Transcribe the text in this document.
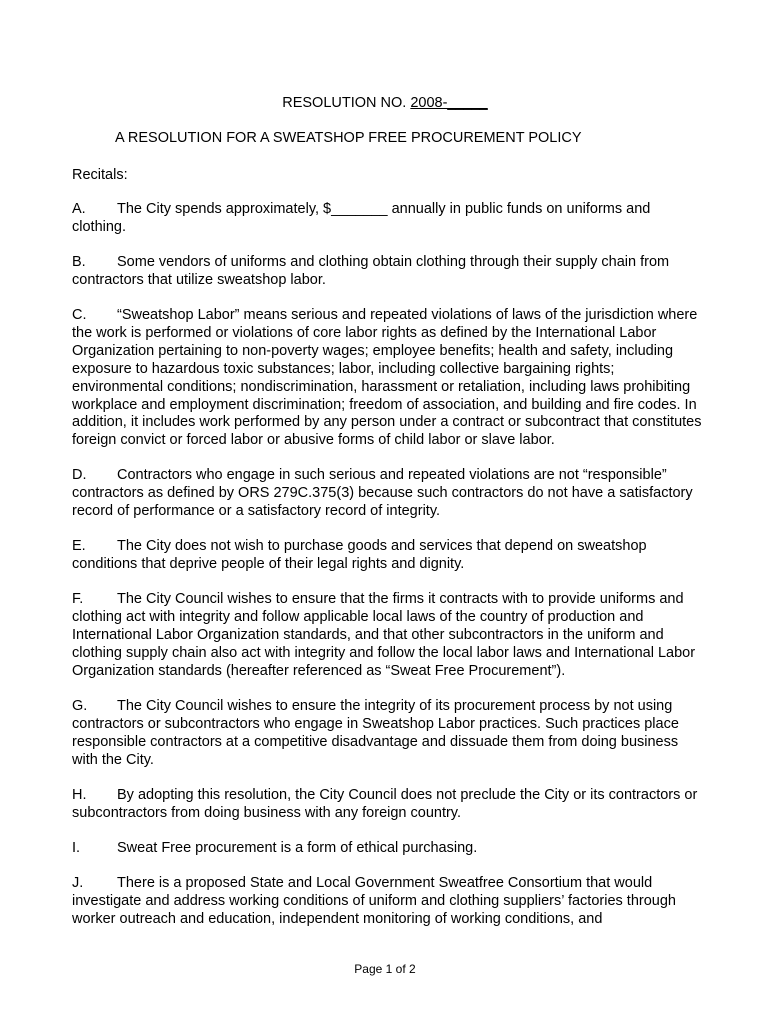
RESOLUTION NO. 2008-_____
A RESOLUTION FOR A SWEATSHOP FREE PROCUREMENT POLICY
Recitals:

A. The City spends approximately, $_______ annually in public funds on uniforms and clothing.

B. Some vendors of uniforms and clothing obtain clothing through their supply chain from contractors that utilize sweatshop labor.

C. “Sweatshop Labor” means serious and repeated violations of laws of the jurisdiction where the work is performed or violations of core labor rights as defined by the International Labor Organization pertaining to non-poverty wages; employee benefits; health and safety, including exposure to hazardous toxic substances; labor, including collective bargaining rights; environmental conditions; nondiscrimination, harassment or retaliation, including laws prohibiting workplace and employment discrimination; freedom of association, and building and fire codes. In addition, it includes work performed by any person under a contract or subcontract that constitutes foreign convict or forced labor or abusive forms of child labor or slave labor.

D. Contractors who engage in such serious and repeated violations are not “responsible” contractors as defined by ORS 279C.375(3) because such contractors do not have a satisfactory record of performance or a satisfactory record of integrity.

E. The City does not wish to purchase goods and services that depend on sweatshop conditions that deprive people of their legal rights and dignity.

F. The City Council wishes to ensure that the firms it contracts with to provide uniforms and clothing act with integrity and follow applicable local laws of the country of production and International Labor Organization standards, and that other subcontractors in the uniform and clothing supply chain also act with integrity and follow the local labor laws and International Labor Organization standards (hereafter referenced as “Sweat Free Procurement”).

G. The City Council wishes to ensure the integrity of its procurement process by not using contractors or subcontractors who engage in Sweatshop Labor practices. Such practices place responsible contractors at a competitive disadvantage and dissuade them from doing business with the City.

H. By adopting this resolution, the City Council does not preclude the City or its contractors or subcontractors from doing business with any foreign country.

I.	Sweat Free procurement is a form of ethical purchasing.

J. There is a proposed State and Local Government Sweatfree Consortium that would investigate and address working conditions of uniform and clothing suppliers’ factories through worker outreach and education, independent monitoring of working conditions, and

Page 1 of 2
